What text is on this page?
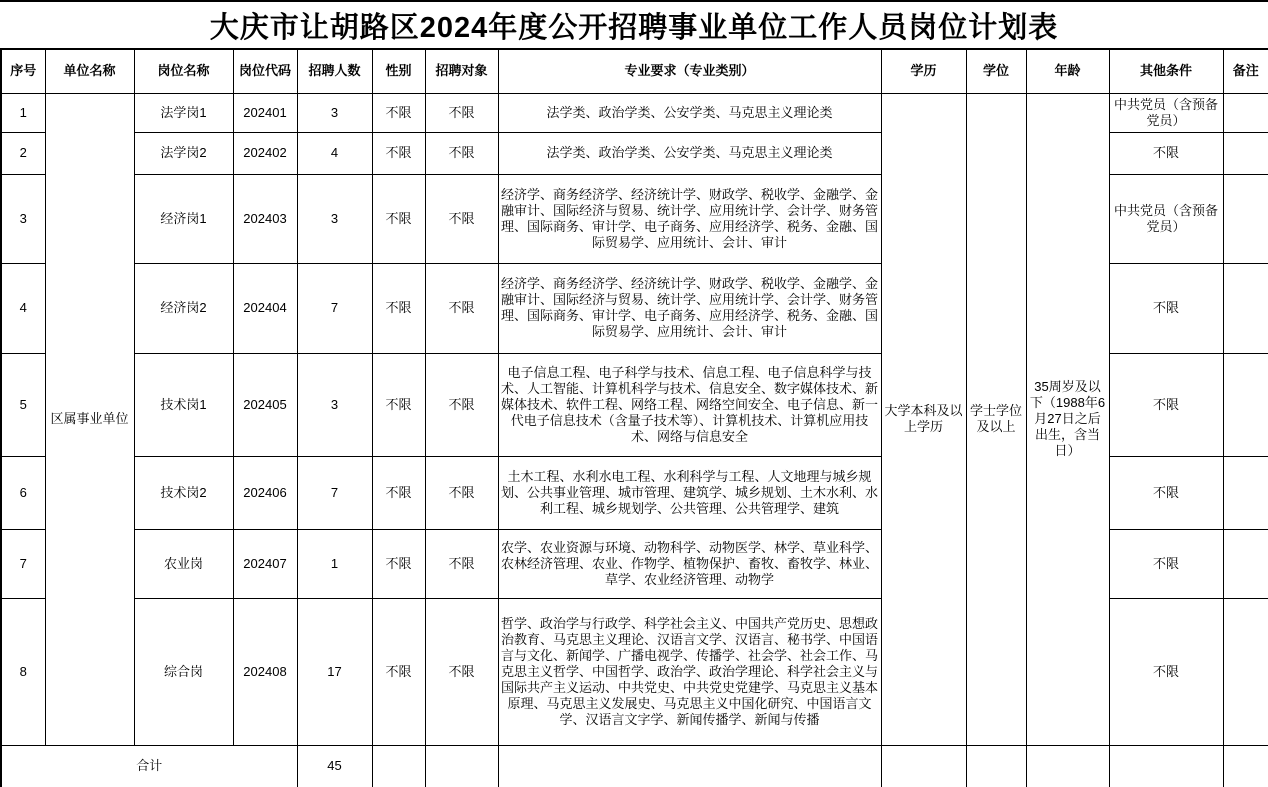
大庆市让胡路区2024年度公开招聘事业单位工作人员岗位计划表
序号	单位名称	岗位名称	岗位代码	招聘人数	性别	招聘对象	专业要求（专业类别）	学历	学位	年龄	其他条件	备注
1	区属事业单位	法学岗1	202401	3	不限	不限	法学类、政治学类、公安学类、马克思主义理论类	大学本科及以上学历	学士学位及以上	35周岁及以下（1988年6月27日之后出生，含当日）	中共党员（含预备党员）	
2		法学岗2	202402	4	不限	不限	法学类、政治学类、公安学类、马克思主义理论类				不限	
3		经济岗1	202403	3	不限	不限	经济学、商务经济学、经济统计学、财政学、税收学、金融学、金融审计、国际经济与贸易、统计学、应用统计学、会计学、财务管理、国际商务、审计学、电子商务、应用经济学、税务、金融、国际贸易学、应用统计、会计、审计				中共党员（含预备党员）	
4		经济岗2	202404	7	不限	不限	经济学、商务经济学、经济统计学、财政学、税收学、金融学、金融审计、国际经济与贸易、统计学、应用统计学、会计学、财务管理、国际商务、审计学、电子商务、应用经济学、税务、金融、国际贸易学、应用统计、会计、审计				不限	
5		技术岗1	202405	3	不限	不限	电子信息工程、电子科学与技术、信息工程、电子信息科学与技术、人工智能、计算机科学与技术、信息安全、数字媒体技术、新媒体技术、软件工程、网络工程、网络空间安全、电子信息、新一代电子信息技术（含量子技术等）、计算机技术、计算机应用技术、网络与信息安全				不限	
6		技术岗2	202406	7	不限	不限	土木工程、水利水电工程、水利科学与工程、人文地理与城乡规划、公共事业管理、城市管理、建筑学、城乡规划、土木水利、水利工程、城乡规划学、公共管理、公共管理学、建筑				不限	
7		农业岗	202407	1	不限	不限	农学、农业资源与环境、动物科学、动物医学、林学、草业科学、农林经济管理、农业、作物学、植物保护、畜牧、畜牧学、林业、草学、农业经济管理、动物学				不限	
8		综合岗	202408	17	不限	不限	哲学、政治学与行政学、科学社会主义、中国共产党历史、思想政治教育、马克思主义理论、汉语言文学、汉语言、秘书学、中国语言与文化、新闻学、广播电视学、传播学、社会学、社会工作、马克思主义哲学、中国哲学、政治学、政治学理论、科学社会主义与国际共产主义运动、中共党史、中共党史党建学、马克思主义基本原理、马克思主义发展史、马克思主义中国化研究、中国语言文学、汉语言文字学、新闻传播学、新闻与传播				不限	
合计				45								
